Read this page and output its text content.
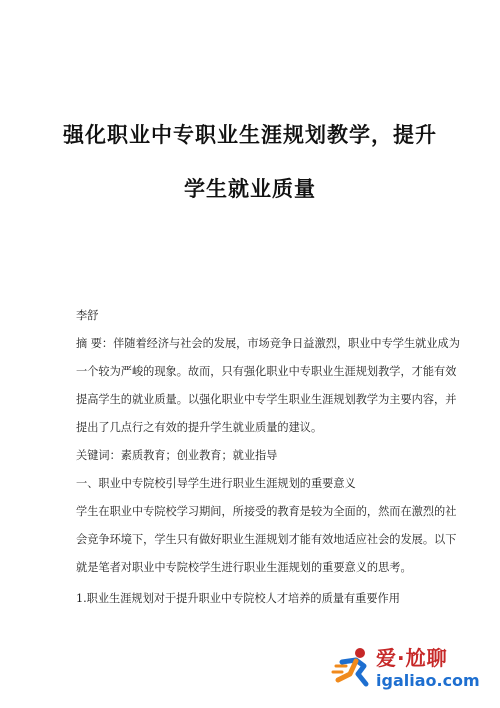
强化职业中专职业生涯规划教学，提升
学生就业质量
李舒
摘 要：伴随着经济与社会的发展，市场竞争日益激烈，职业中专学生就业成为
一个较为严峻的现象。故而，只有强化职业中专职业生涯规划教学，才能有效
提高学生的就业质量。以强化职业中专学生职业生涯规划教学为主要内容，并
提出了几点行之有效的提升学生就业质量的建议。
关键词：素质教育；创业教育；就业指导
一、职业中专院校引导学生进行职业生涯规划的重要意义
学生在职业中专院校学习期间，所接受的教育是较为全面的，然而在激烈的社
会竞争环境下，学生只有做好职业生涯规划才能有效地适应社会的发展。以下
就是笔者对职业中专院校学生进行职业生涯规划的重要意义的思考。
1.职业生涯规划对于提升职业中专院校人才培养的质量有重要作用
爱·尬聊
igaliao.com
